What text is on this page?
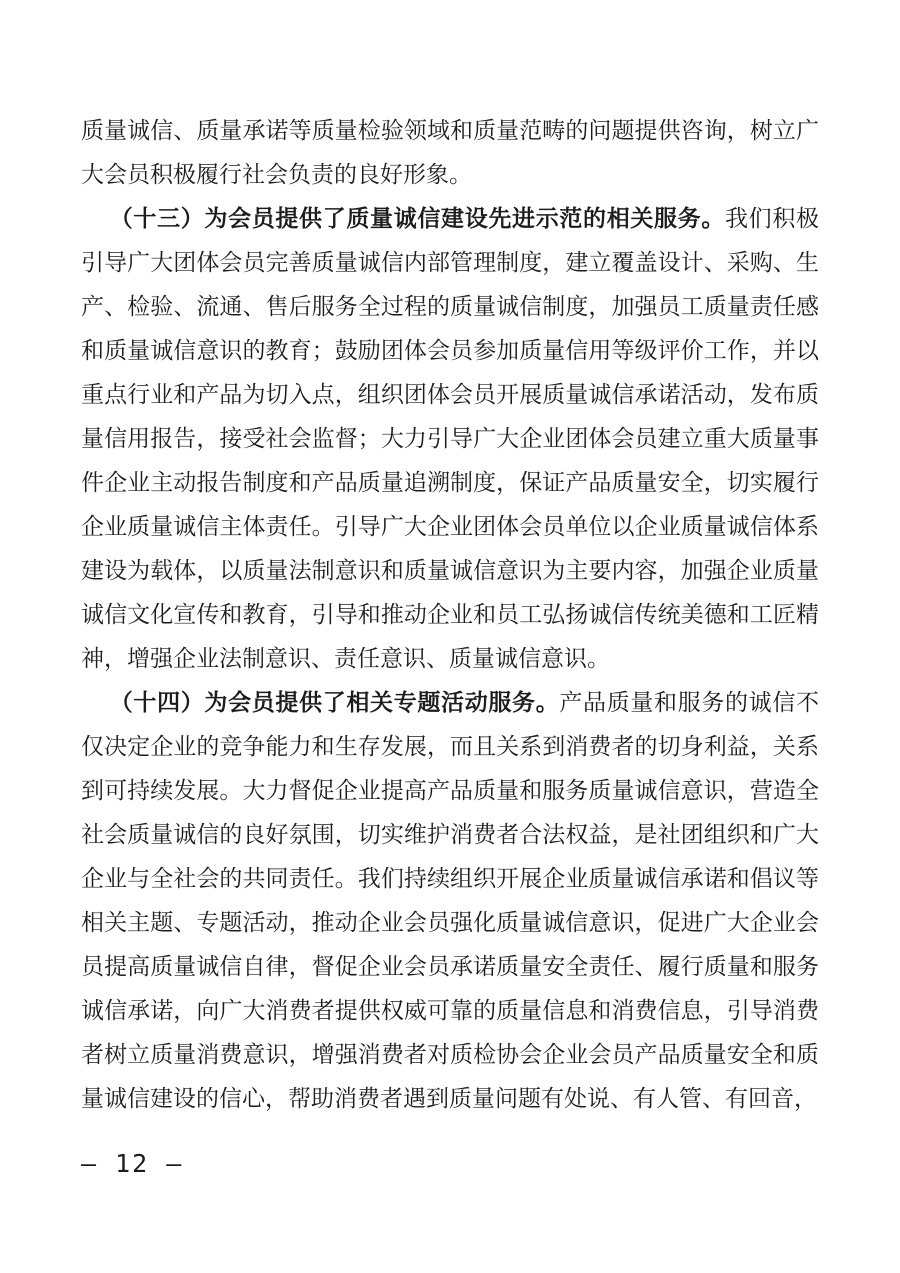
质量诚信、质量承诺等质量检验领域和质量范畴的问题提供咨询，树立广大会员积极履行社会负责的良好形象。

（十三）为会员提供了质量诚信建设先进示范的相关服务。我们积极引导广大团体会员完善质量诚信内部管理制度，建立覆盖设计、采购、生产、检验、流通、售后服务全过程的质量诚信制度，加强员工质量责任感和质量诚信意识的教育；鼓励团体会员参加质量信用等级评价工作，并以重点行业和产品为切入点，组织团体会员开展质量诚信承诺活动，发布质量信用报告，接受社会监督；大力引导广大企业团体会员建立重大质量事件企业主动报告制度和产品质量追溯制度，保证产品质量安全，切实履行企业质量诚信主体责任。引导广大企业团体会员单位以企业质量诚信体系建设为载体，以质量法制意识和质量诚信意识为主要内容，加强企业质量诚信文化宣传和教育，引导和推动企业和员工弘扬诚信传统美德和工匠精神，增强企业法制意识、责任意识、质量诚信意识。

（十四）为会员提供了相关专题活动服务。产品质量和服务的诚信不仅决定企业的竞争能力和生存发展，而且关系到消费者的切身利益，关系到可持续发展。大力督促企业提高产品质量和服务质量诚信意识，营造全社会质量诚信的良好氛围，切实维护消费者合法权益，是社团组织和广大企业与全社会的共同责任。我们持续组织开展企业质量诚信承诺和倡议等相关主题、专题活动，推动企业会员强化质量诚信意识，促进广大企业会员提高质量诚信自律，督促企业会员承诺质量安全责任、履行质量和服务诚信承诺，向广大消费者提供权威可靠的质量信息和消费信息，引导消费者树立质量消费意识，增强消费者对质检协会企业会员产品质量安全和质量诚信建设的信心，帮助消费者遇到质量问题有处说、有人管、有回音，

– 12 –
